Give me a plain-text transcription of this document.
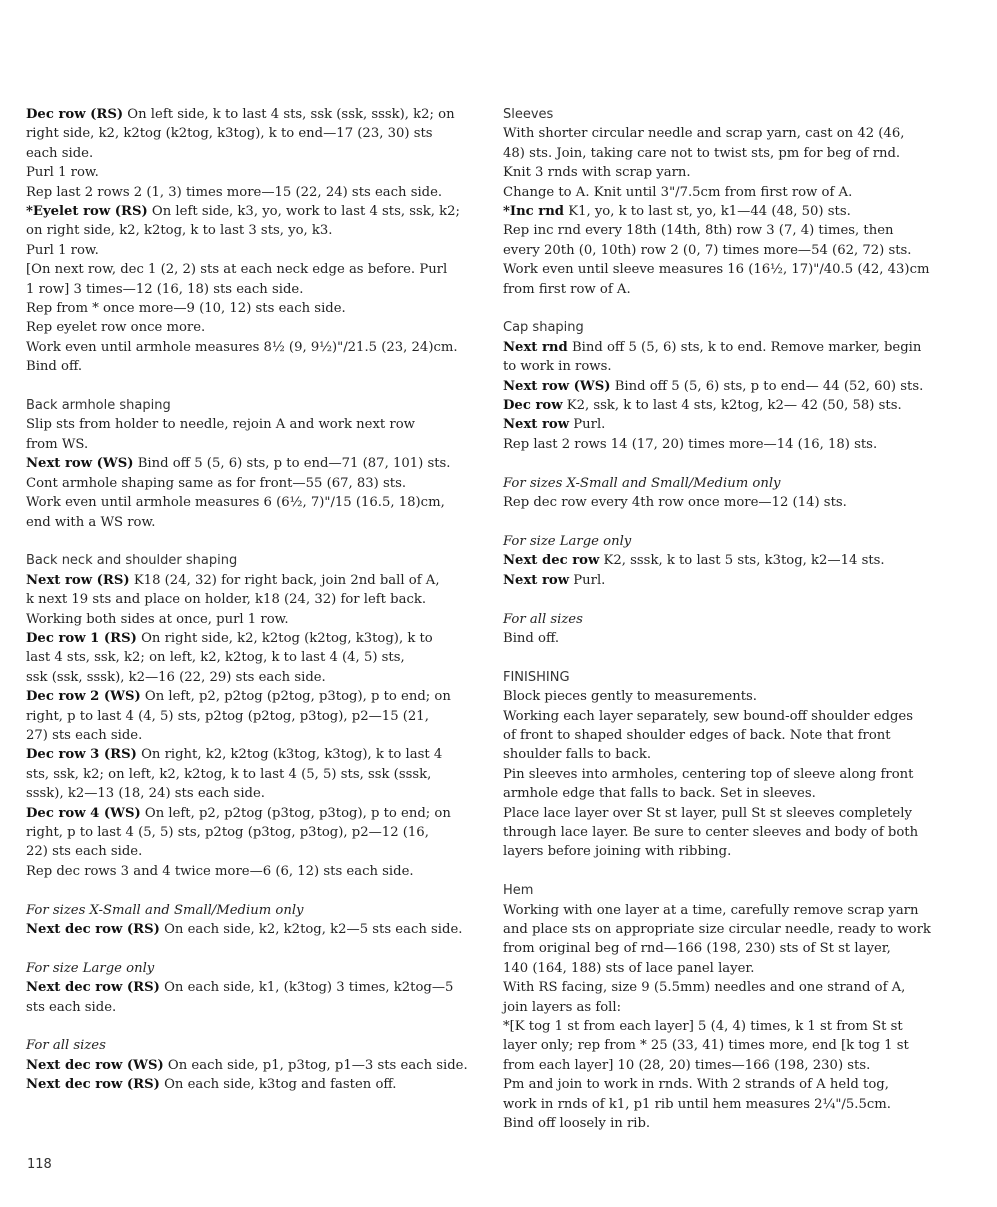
Dec row (RS) On left side, k to last 4 sts, ssk (ssk, sssk), k2; on
right side, k2, k2tog (k2tog, k3tog), k to end—17 (23, 30) sts
each side.
Purl 1 row.
Rep last 2 rows 2 (1, 3) times more—15 (22, 24) sts each side.
*Eyelet row (RS) On left side, k3, yo, work to last 4 sts, ssk, k2;
on right side, k2, k2tog, k to last 3 sts, yo, k3.
Purl 1 row.
[On next row, dec 1 (2, 2) sts at each neck edge as before. Purl
1 row] 3 times—12 (16, 18) sts each side.
Rep from * once more—9 (10, 12) sts each side.
Rep eyelet row once more.
Work even until armhole measures 8½ (9, 9½)"/21.5 (23, 24)cm.
Bind off.
Back armhole shaping
Slip sts from holder to needle, rejoin A and work next row
from WS.
Next row (WS) Bind off 5 (5, 6) sts, p to end—71 (87, 101) sts.
Cont armhole shaping same as for front—55 (67, 83) sts.
Work even until armhole measures 6 (6½, 7)"/15 (16.5, 18)cm,
end with a WS row.
Back neck and shoulder shaping
Next row (RS) K18 (24, 32) for right back, join 2nd ball of A,
k next 19 sts and place on holder, k18 (24, 32) for left back.
Working both sides at once, purl 1 row.
Dec row 1 (RS) On right side, k2, k2tog (k2tog, k3tog), k to
last 4 sts, ssk, k2; on left, k2, k2tog, k to last 4 (4, 5) sts,
ssk (ssk, sssk), k2—16 (22, 29) sts each side.
Dec row 2 (WS) On left, p2, p2tog (p2tog, p3tog), p to end; on
right, p to last 4 (4, 5) sts, p2tog (p2tog, p3tog), p2—15 (21,
27) sts each side.
Dec row 3 (RS) On right, k2, k2tog (k3tog, k3tog), k to last 4
sts, ssk, k2; on left, k2, k2tog, k to last 4 (5, 5) sts, ssk (sssk,
sssk), k2—13 (18, 24) sts each side.
Dec row 4 (WS) On left, p2, p2tog (p3tog, p3tog), p to end; on
right, p to last 4 (5, 5) sts, p2tog (p3tog, p3tog), p2—12 (16,
22) sts each side.
Rep dec rows 3 and 4 twice more—6 (6, 12) sts each side.
For sizes X-Small and Small/Medium only
Next dec row (RS) On each side, k2, k2tog, k2—5 sts each side.
For size Large only
Next dec row (RS) On each side, k1, (k3tog) 3 times, k2tog—5
sts each side.
For all sizes
Next dec row (WS) On each side, p1, p3tog, p1—3 sts each side.
Next dec row (RS) On each side, k3tog and fasten off.
Sleeves
With shorter circular needle and scrap yarn, cast on 42 (46,
48) sts. Join, taking care not to twist sts, pm for beg of rnd.
Knit 3 rnds with scrap yarn.
Change to A. Knit until 3"/7.5cm from first row of A.
*Inc rnd K1, yo, k to last st, yo, k1—44 (48, 50) sts.
Rep inc rnd every 18th (14th, 8th) row 3 (7, 4) times, then
every 20th (0, 10th) row 2 (0, 7) times more—54 (62, 72) sts.
Work even until sleeve measures 16 (16½, 17)"/40.5 (42, 43)cm
from first row of A.
Cap shaping
Next rnd Bind off 5 (5, 6) sts, k to end. Remove marker, begin
to work in rows.
Next row (WS) Bind off 5 (5, 6) sts, p to end— 44 (52, 60) sts.
Dec row K2, ssk, k to last 4 sts, k2tog, k2— 42 (50, 58) sts.
Next row Purl.
Rep last 2 rows 14 (17, 20) times more—14 (16, 18) sts.
For sizes X-Small and Small/Medium only
Rep dec row every 4th row once more—12 (14) sts.
For size Large only
Next dec row K2, sssk, k to last 5 sts, k3tog, k2—14 sts.
Next row Purl.
For all sizes
Bind off.
FINISHING
Block pieces gently to measurements.
Working each layer separately, sew bound-off shoulder edges
of front to shaped shoulder edges of back. Note that front
shoulder falls to back.
Pin sleeves into armholes, centering top of sleeve along front
armhole edge that falls to back. Set in sleeves.
Place lace layer over St st layer, pull St st sleeves completely
through lace layer. Be sure to center sleeves and body of both
layers before joining with ribbing.
Hem
Working with one layer at a time, carefully remove scrap yarn
and place sts on appropriate size circular needle, ready to work
from original beg of rnd—166 (198, 230) sts of St st layer,
140 (164, 188) sts of lace panel layer.
With RS facing, size 9 (5.5mm) needles and one strand of A,
join layers as foll:
*[K tog 1 st from each layer] 5 (4, 4) times, k 1 st from St st
layer only; rep from * 25 (33, 41) times more, end [k tog 1 st
from each layer] 10 (28, 20) times—166 (198, 230) sts.
Pm and join to work in rnds. With 2 strands of A held tog,
work in rnds of k1, p1 rib until hem measures 2¼"/5.5cm.
Bind off loosely in rib.
118
